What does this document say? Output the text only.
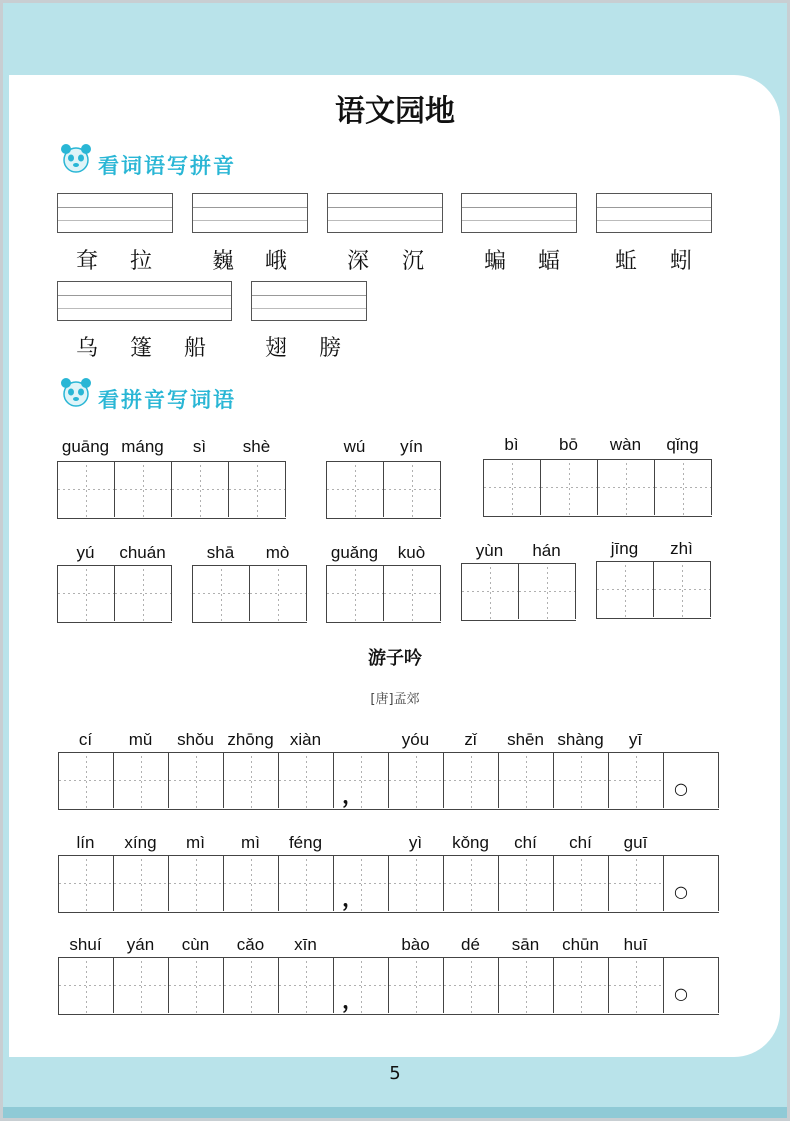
语文园地
看词语写拼音
耷 拉	巍 峨	深 沉	蝙 蝠 蚯 蚓
乌 篷 船	翅 膀
看拼音写词语
guāng máng	sì	shè	wú	yín	bì	bō	wàn	qǐng
yú	chuán	shā	mò	guǎng	kuò	yùn	hán	jīng	zhì
游子吟
[唐]孟郊
cí	mǔ	shǒu zhōng xiàn	yóu	zǐ	shēn shàng	yī
，	○
lín	xíng	mì	mì	féng	yì	kǒng	chí	chí	guī
，	○
shuí	yán	cùn	cǎo	xīn	bào	dé	sān	chūn	huī
，	○
5
